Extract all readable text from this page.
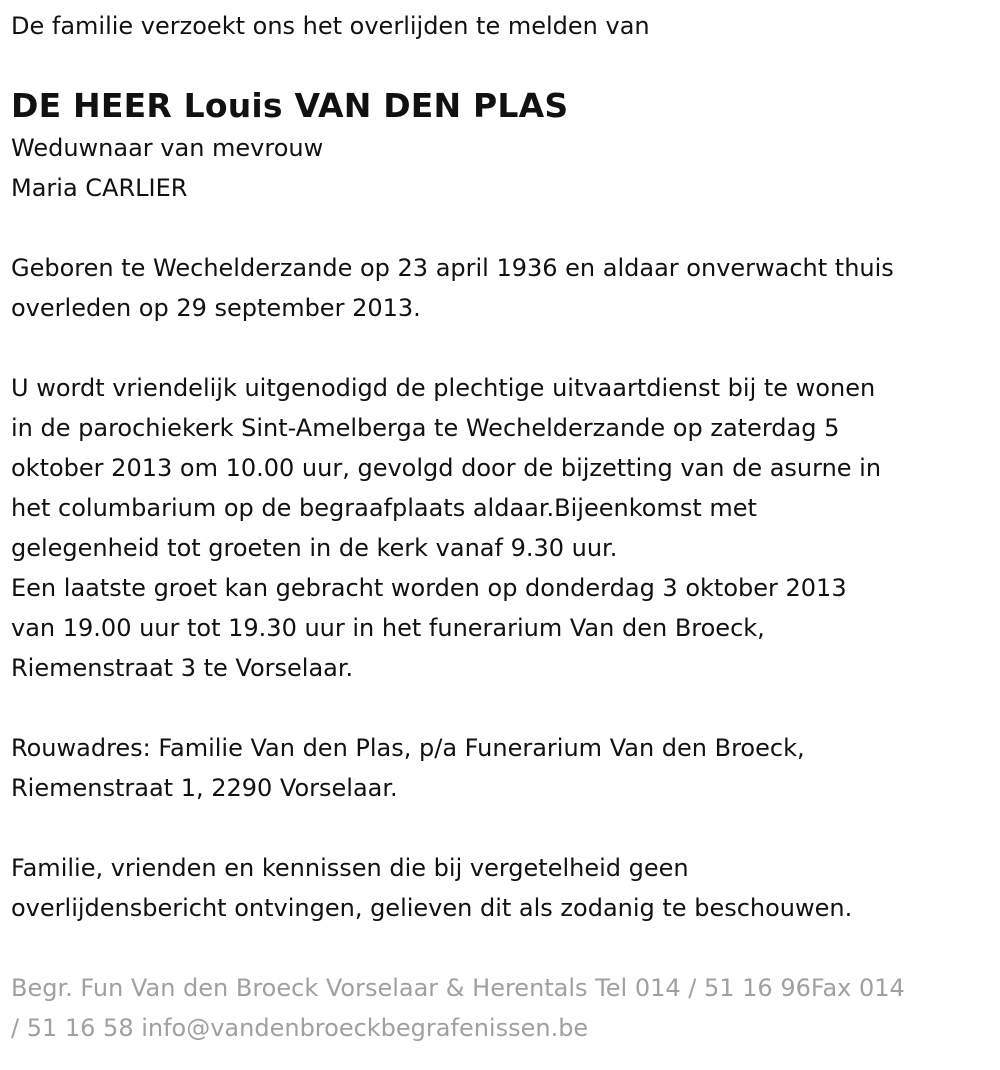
De familie verzoekt ons het overlijden te melden van

DE HEER Louis VAN DEN PLAS

Weduwnaar van mevrouw

Maria CARLIER

Geboren te Wechelderzande op 23 april 1936 en aldaar onverwacht thuis

overleden op 29 september 2013.

U wordt vriendelijk uitgenodigd de plechtige uitvaartdienst bij te wonen

in de parochiekerk Sint-Amelberga te Wechelderzande op zaterdag 5

oktober 2013 om 10.00 uur, gevolgd door de bijzetting van de asurne in

het columbarium op de begraafplaats aldaar.Bijeenkomst met

gelegenheid tot groeten in de kerk vanaf 9.30 uur.

Een laatste groet kan gebracht worden op donderdag 3 oktober 2013

van 19.00 uur tot 19.30 uur in het funerarium Van den Broeck,

Riemenstraat 3 te Vorselaar.

Rouwadres: Familie Van den Plas, p/a Funerarium Van den Broeck,

Riemenstraat 1, 2290 Vorselaar.

Familie, vrienden en kennissen die bij vergetelheid geen

overlijdensbericht ontvingen, gelieven dit als zodanig te beschouwen.

Begr. Fun Van den Broeck Vorselaar & Herentals Tel 014 / 51 16 96Fax 014

/ 51 16 58 info@vandenbroeckbegrafenissen.be
